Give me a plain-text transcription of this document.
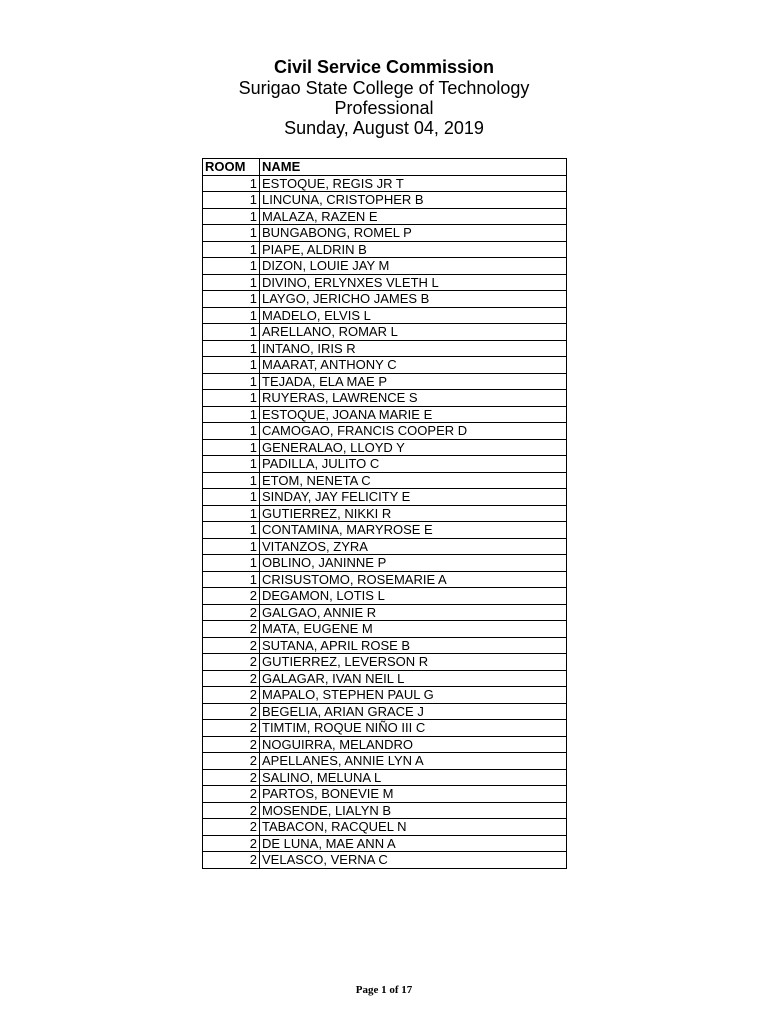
Civil Service Commission
Surigao State College of Technology
Professional
Sunday, August 04, 2019
ROOM	NAME
1	ESTOQUE, REGIS JR T
1	LINCUNA, CRISTOPHER B
1	MALAZA, RAZEN E
1	BUNGABONG, ROMEL P
1	PIAPE, ALDRIN B
1	DIZON, LOUIE JAY M
1	DIVINO, ERLYNXES VLETH L
1	LAYGO, JERICHO JAMES B
1	MADELO, ELVIS L
1	ARELLANO, ROMAR L
1	INTANO, IRIS R
1	MAARAT, ANTHONY C
1	TEJADA, ELA MAE P
1	RUYERAS, LAWRENCE S
1	ESTOQUE, JOANA MARIE E
1	CAMOGAO, FRANCIS COOPER D
1	GENERALAO, LLOYD Y
1	PADILLA, JULITO C
1	ETOM, NENETA C
1	SINDAY, JAY FELICITY E
1	GUTIERREZ, NIKKI R
1	CONTAMINA, MARYROSE E
1	VITANZOS, ZYRA
1	OBLINO, JANINNE P
1	CRISUSTOMO, ROSEMARIE A
2	DEGAMON, LOTIS L
2	GALGAO, ANNIE R
2	MATA, EUGENE M
2	SUTANA, APRIL ROSE B
2	GUTIERREZ, LEVERSON R
2	GALAGAR, IVAN NEIL L
2	MAPALO, STEPHEN PAUL G
2	BEGELIA, ARIAN GRACE J
2	TIMTIM, ROQUE NIÑO III C
2	NOGUIRRA, MELANDRO
2	APELLANES, ANNIE LYN A
2	SALINO, MELUNA L
2	PARTOS, BONEVIE M
2	MOSENDE, LIALYN B
2	TABACON, RACQUEL N
2	DE LUNA, MAE ANN A
2	VELASCO, VERNA C
Page 1 of 17
